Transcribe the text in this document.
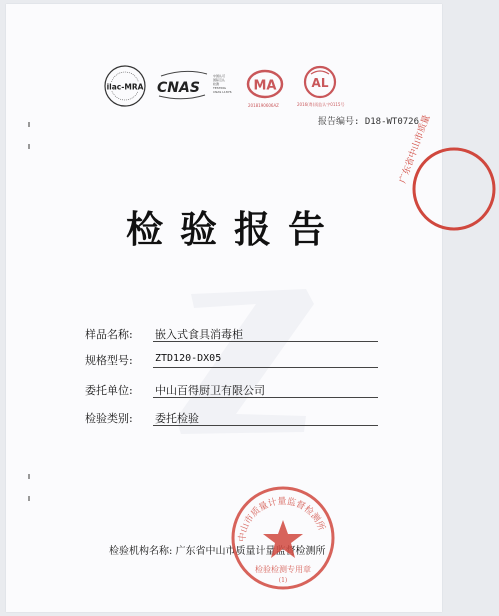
ilac-MRA CNAS
中国认可
国际互认
检测
TESTING
CNAS L1876 MA
2018190606AZ
AL
2016(粤)质监认字0115号
报告编号: D18-WT0726
检验报告
样品名称: 嵌入式食具消毒柜
规格型号: ZTD120-DX05
委托单位: 中山百得厨卫有限公司
检验类别: 委托检验
检验机构名称: 广东省中山市质量计量监督检测所
广东省中山市质量
中山市质量计量监督检测所
检验检测专用章
(1)
